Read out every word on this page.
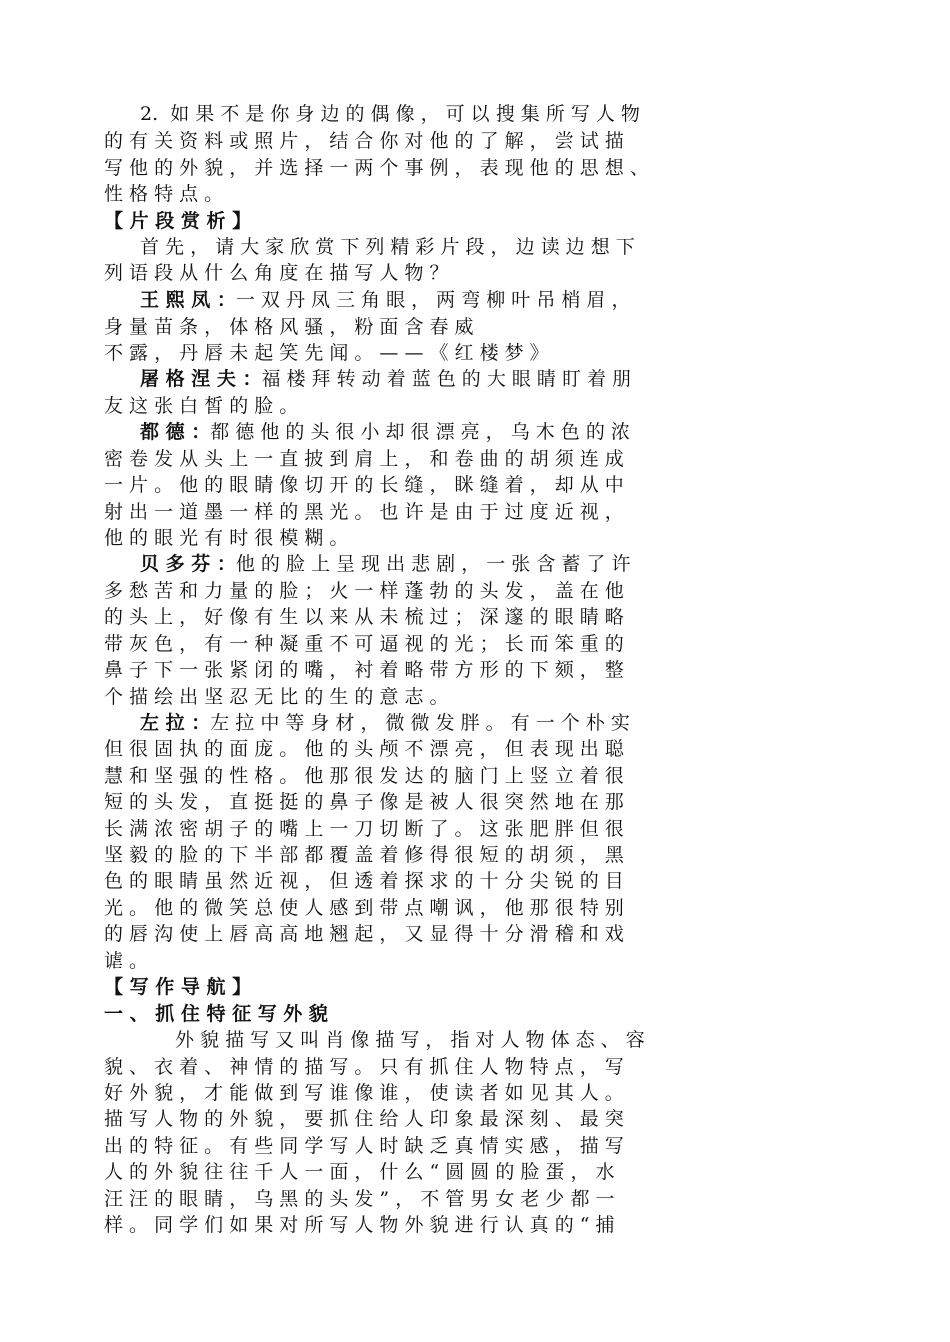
2.  如 果 不 是 你 身 边 的 偶 像 ， 可 以 搜 集 所 写 人 物
的 有 关 资 料 或 照 片 ， 结 合 你 对 他 的 了 解 ， 尝 试 描
写 他 的 外 貌 ， 并 选 择 一 两 个 事 例 ， 表 现 他 的 思 想 、
性 格 特 点 。
【 片 段 赏 析 】
首 先 ， 请 大 家 欣 赏 下 列 精 彩 片 段 ， 边 读 边 想 下
列 语 段 从 什 么 角 度 在 描 写 人 物 ？
王 熙 凤 ：一 双 丹 凤 三 角 眼 ， 两 弯 柳 叶 吊 梢 眉 ，
身 量 苗 条 ， 体 格 风 骚 ， 粉 面 含 春 威
不 露 ， 丹 唇 未 起 笑 先 闻 。 — — 《 红 楼 梦 》
屠 格 涅 夫 ：福 楼 拜 转 动 着 蓝 色 的 大 眼 睛 盯 着 朋
友 这 张 白 皙 的 脸 。
都 德 ：都 德 他 的 头 很 小 却 很 漂 亮 ， 乌 木 色 的 浓
密 卷 发 从 头 上 一 直 披 到 肩 上 ， 和 卷 曲 的 胡 须 连 成
一 片 。 他 的 眼 睛 像 切 开 的 长 缝 ， 眯 缝 着 ， 却 从 中
射 出 一 道 墨 一 样 的 黑 光 。 也 许 是 由 于 过 度 近 视 ，
他 的 眼 光 有 时 很 模 糊 。
贝 多 芬 ：他 的 脸 上 呈 现 出 悲 剧 ， 一 张 含 蓄 了 许
多 愁 苦 和 力 量 的 脸 ； 火 一 样 蓬 勃 的 头 发 ， 盖 在 他
的 头 上 ， 好 像 有 生 以 来 从 未 梳 过 ； 深 邃 的 眼 睛 略
带 灰 色 ， 有 一 种 凝 重 不 可 逼 视 的 光 ； 长 而 笨 重 的
鼻 子 下 一 张 紧 闭 的 嘴 ， 衬 着 略 带 方 形 的 下 颏 ， 整
个 描 绘 出 坚 忍 无 比 的 生 的 意 志 。
左 拉 ：左 拉 中 等 身 材 ， 微 微 发 胖 。 有 一 个 朴 实
但 很 固 执 的 面 庞 。 他 的 头 颅 不 漂 亮 ， 但 表 现 出 聪
慧 和 坚 强 的 性 格 。 他 那 很 发 达 的 脑 门 上 竖 立 着 很
短 的 头 发 ， 直 挺 挺 的 鼻 子 像 是 被 人 很 突 然 地 在 那
长 满 浓 密 胡 子 的 嘴 上 一 刀 切 断 了 。 这 张 肥 胖 但 很
坚 毅 的 脸 的 下 半 部 都 覆 盖 着 修 得 很 短 的 胡 须 ， 黑
色 的 眼 睛 虽 然 近 视 ， 但 透 着 探 求 的 十 分 尖 锐 的 目
光 。 他 的 微 笑 总 使 人 感 到 带 点 嘲 讽 ， 他 那 很 特 别
的 唇 沟 使 上 唇 高 高 地 翘 起 ， 又 显 得 十 分 滑 稽 和 戏
谑 。
【 写 作 导 航 】
一 、 抓 住 特 征 写 外 貌
外 貌 描 写 又 叫 肖 像 描 写 ， 指 对 人 物 体 态 、 容
貌 、 衣 着 、 神 情 的 描 写 。 只 有 抓 住 人 物 特 点 ， 写
好 外 貌 ， 才 能 做 到 写 谁 像 谁 ， 使 读 者 如 见 其 人 。
描 写 人 物 的 外 貌 ， 要 抓 住 给 人 印 象 最 深 刻 、 最 突
出 的 特 征 。 有 些 同 学 写 人 时 缺 乏 真 情 实 感 ， 描 写
人 的 外 貌 往 往 千 人 一 面 ， 什 么 “ 圆 圆 的 脸 蛋 ， 水
汪 汪 的 眼 睛 ， 乌 黑 的 头 发 ” ， 不 管 男 女 老 少 都 一
样 。 同 学 们 如 果 对 所 写 人 物 外 貌 进 行 认 真 的 “ 捕
